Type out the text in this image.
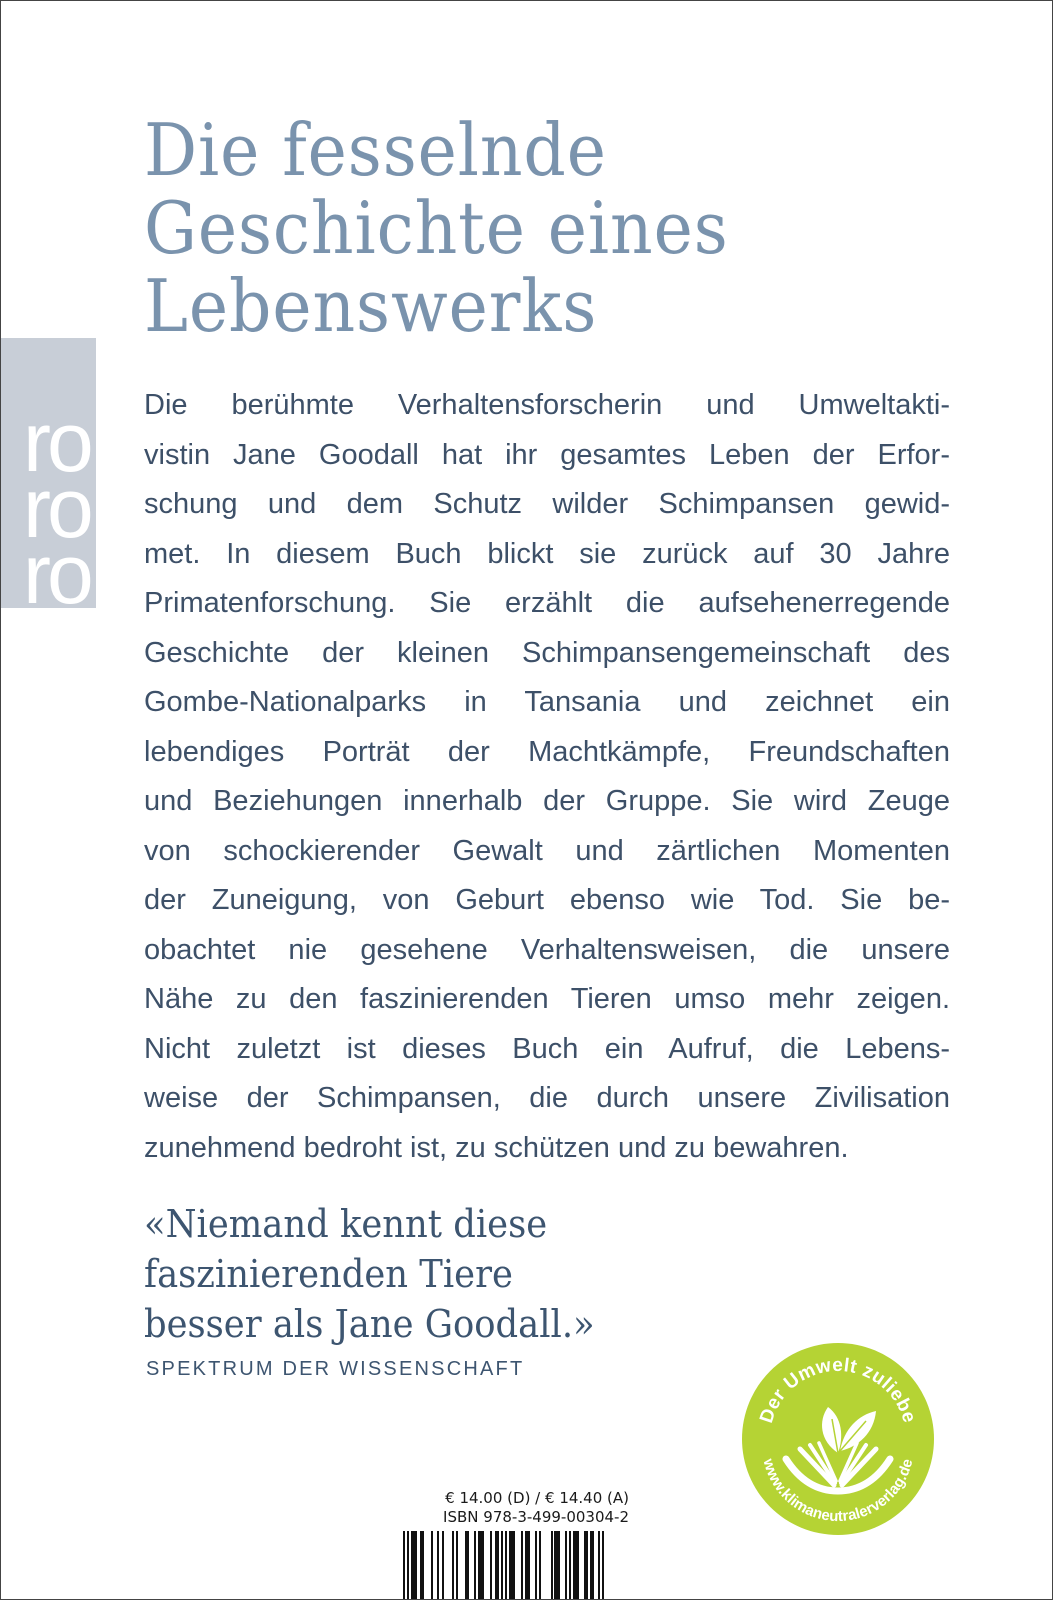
ro
ro
ro
Die fesselnde
Geschichte eines
Lebenswerks
Die berühmte Verhaltensforscherin und Umweltakti-
vistin Jane Goodall hat ihr gesamtes Leben der Erfor-
schung und dem Schutz wilder Schimpansen gewid-
met. In diesem Buch blickt sie zurück auf 30 Jahre
Primatenforschung. Sie erzählt die aufsehenerregende
Geschichte der kleinen Schimpansengemeinschaft des
Gombe-Nationalparks in Tansania und zeichnet ein
lebendiges Porträt der Machtkämpfe, Freundschaften
und Beziehungen innerhalb der Gruppe. Sie wird Zeuge
von schockierender Gewalt und zärtlichen Momenten
der Zuneigung, von Geburt ebenso wie Tod. Sie be-
obachtet nie gesehene Verhaltensweisen, die unsere
Nähe zu den faszinierenden Tieren umso mehr zeigen.
Nicht zuletzt ist dieses Buch ein Aufruf, die Lebens-
weise der Schimpansen, die durch unsere Zivilisation
zunehmend bedroht ist, zu schützen und zu bewahren.
«Niemand kennt diese
faszinierenden Tiere
besser als Jane Goodall.»
SPEKTRUM DER WISSENSCHAFT
Der Umwelt zuliebe
www.klimaneutralerverlag.de
€ 14.00 (D) / € 14.40 (A)
ISBN 978-3-499-00304-2
